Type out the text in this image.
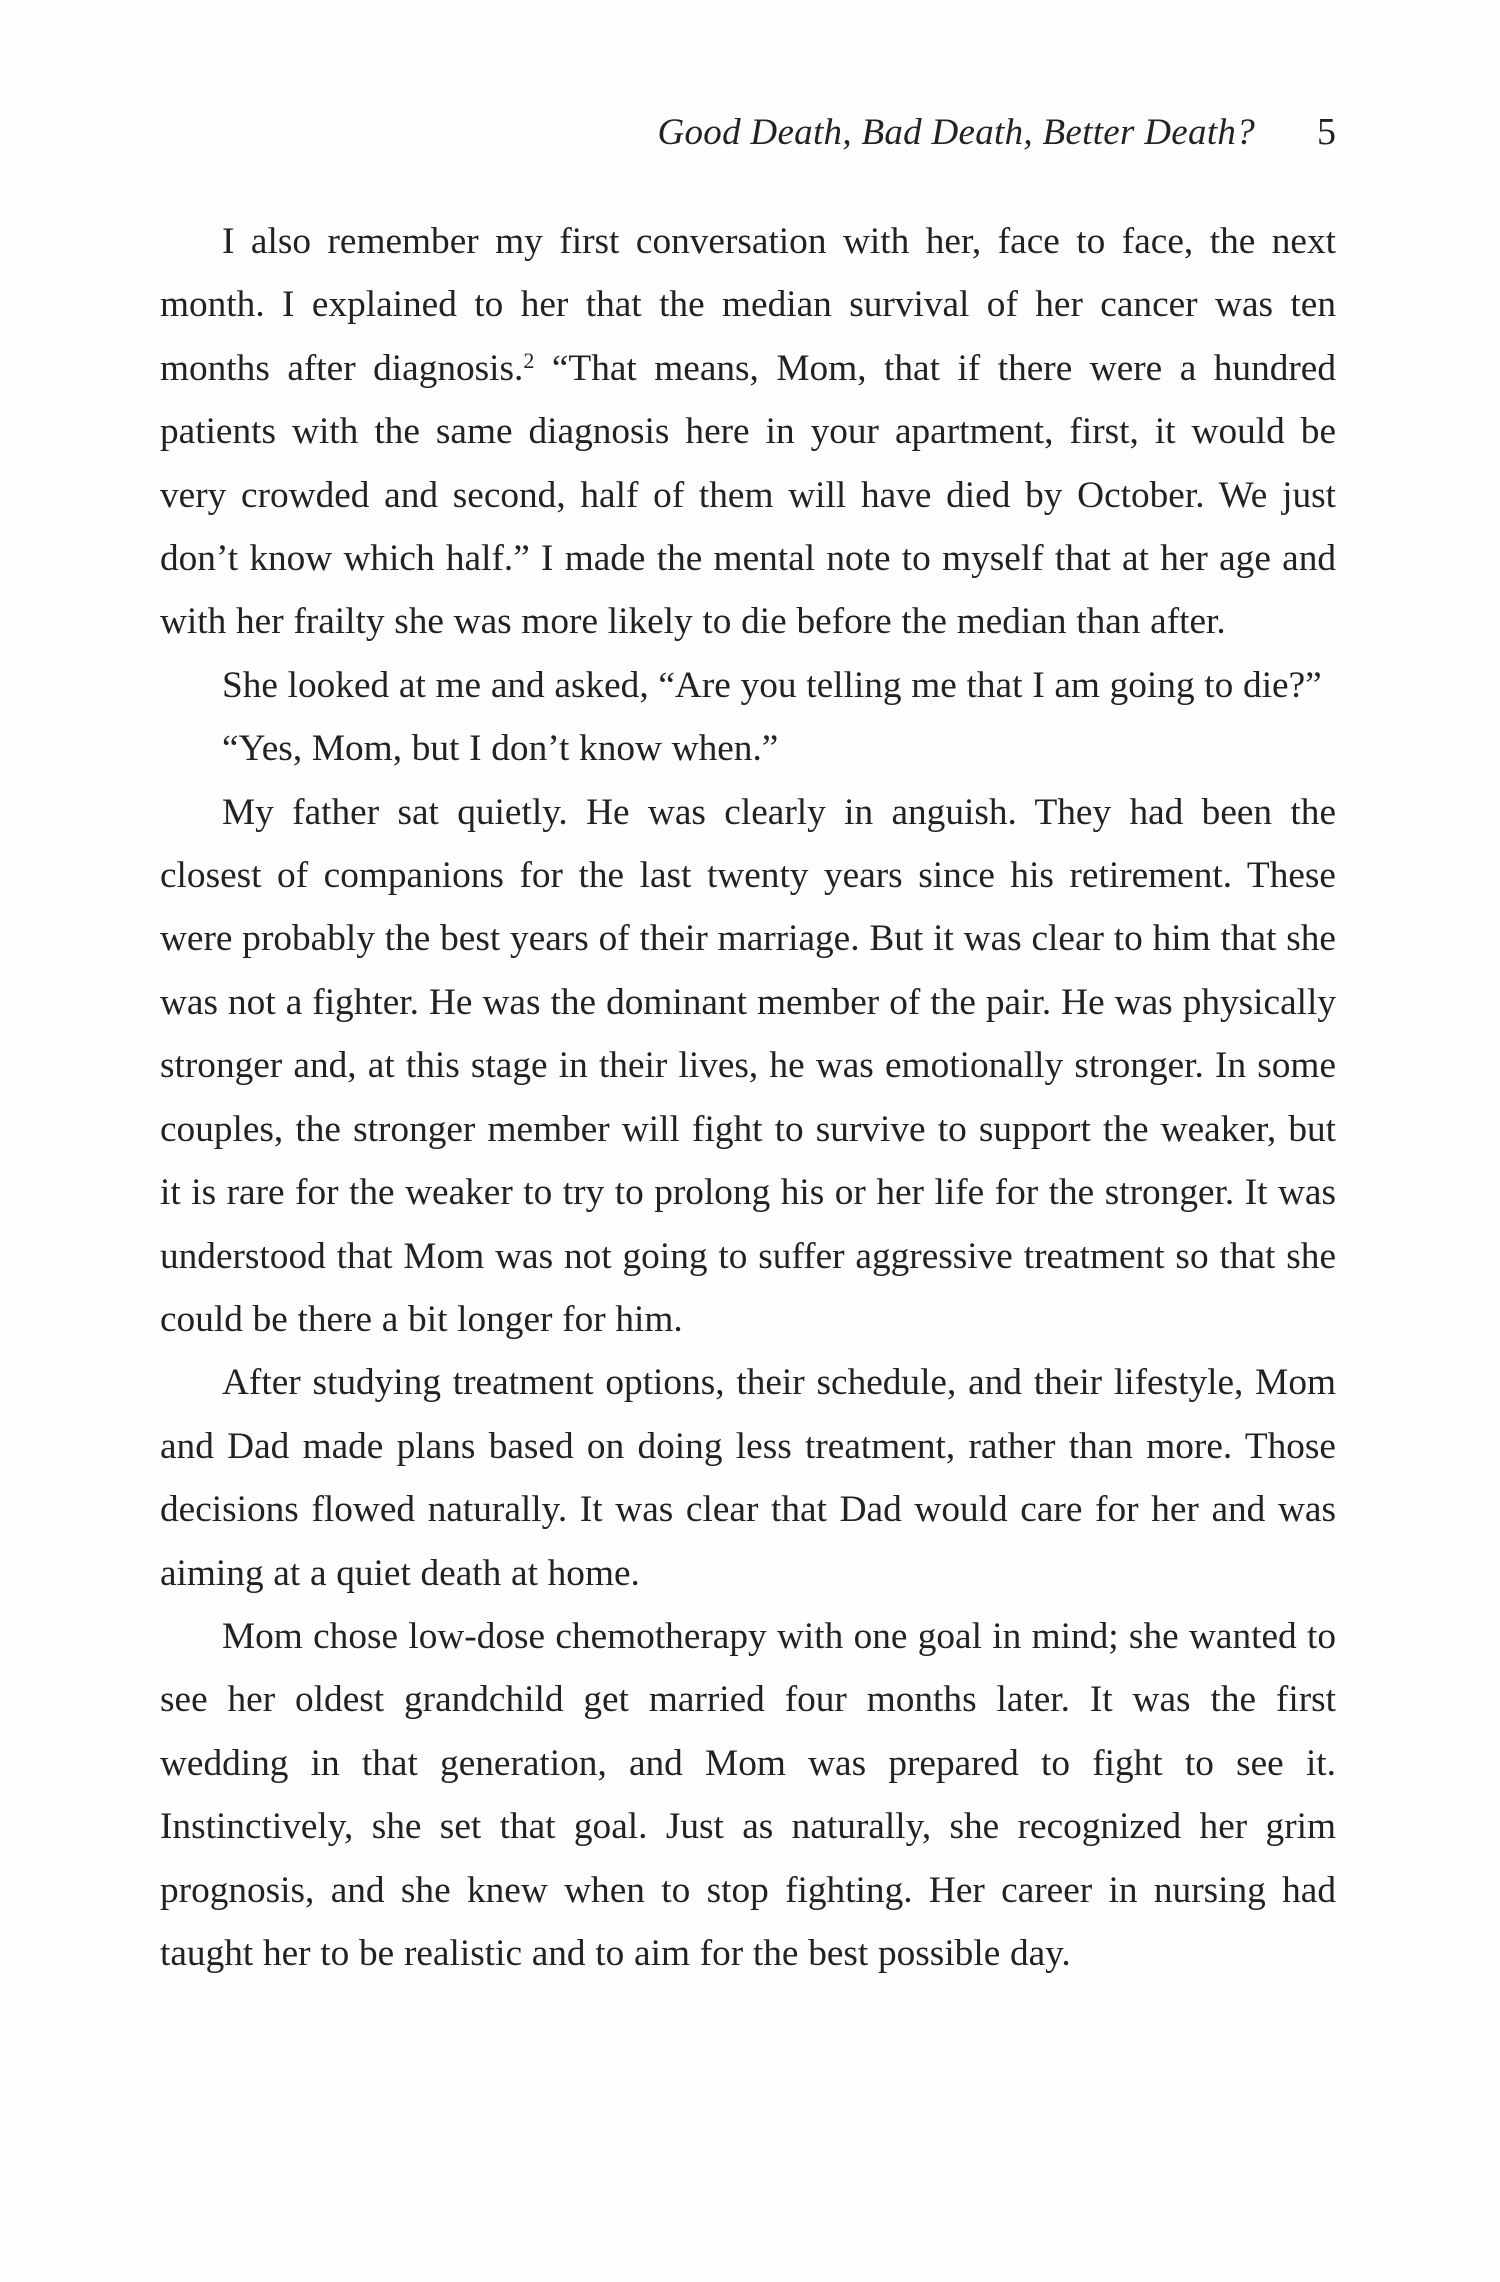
Good Death, Bad Death, Better Death? 5

I also remember my first conversation with her, face to face, the next month. I explained to her that the median survival of her cancer was ten months after diagnosis.$^2$ “That means, Mom, that if there were a hundred patients with the same diagnosis here in your apartment, first, it would be very crowded and second, half of them will have died by October. We just don’t know which half.” I made the mental note to myself that at her age and with her frailty she was more likely to die before the median than after.

She looked at me and asked, “Are you telling me that I am going to die?”

“Yes, Mom, but I don’t know when.”

My father sat quietly. He was clearly in anguish. They had been the closest of companions for the last twenty years since his retirement. These were probably the best years of their marriage. But it was clear to him that she was not a fighter. He was the dominant member of the pair. He was physically stronger and, at this stage in their lives, he was emotionally stronger. In some couples, the stronger member will fight to survive to support the weaker, but it is rare for the weaker to try to prolong his or her life for the stronger. It was understood that Mom was not going to suffer aggressive treatment so that she could be there a bit longer for him.

After studying treatment options, their schedule, and their lifestyle, Mom and Dad made plans based on doing less treatment, rather than more. Those decisions flowed naturally. It was clear that Dad would care for her and was aiming at a quiet death at home.

Mom chose low-dose chemotherapy with one goal in mind; she wanted to see her oldest grandchild get married four months later. It was the first wedding in that generation, and Mom was prepared to fight to see it. Instinctively, she set that goal. Just as naturally, she recognized her grim prognosis, and she knew when to stop fighting. Her career in nursing had taught her to be realistic and to aim for the best possible day.
